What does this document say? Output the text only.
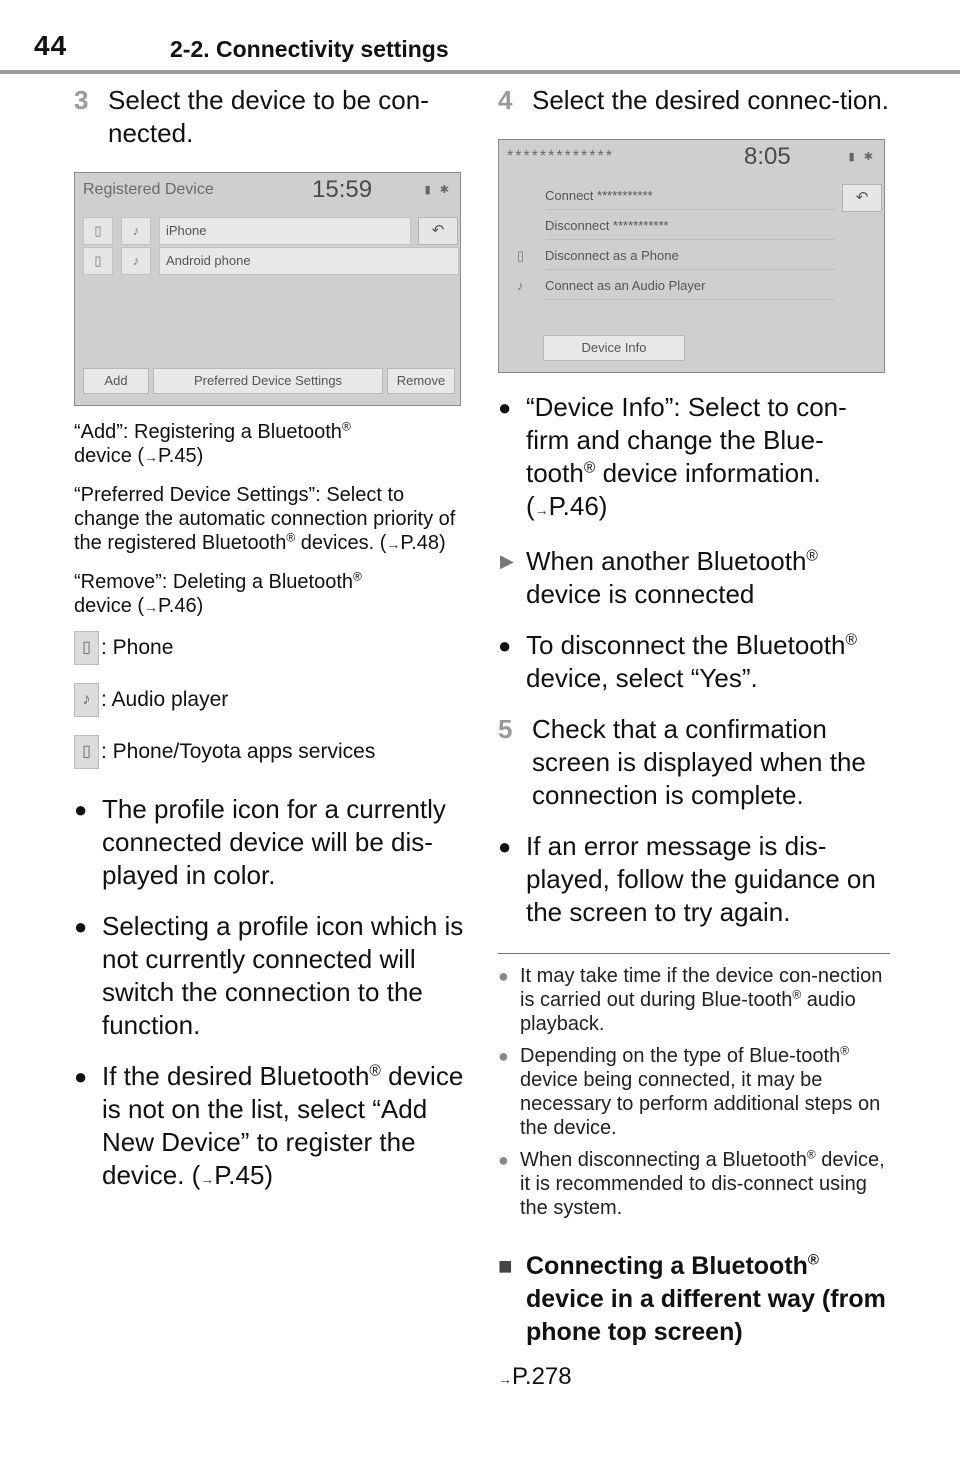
44	2-2. Connectivity settings
3 Select the device to be con-nected.
Registered Device	15:59	▮ ✱
▯	♪	iPhone	↶
▯	♪	Android phone
Add	Preferred Device Settings	Remove
“Add”: Registering a Bluetooth®
device (→P.45)
“Preferred Device Settings”: Select to change the automatic connection priority of the registered Bluetooth® devices. (→P.48)
“Remove”: Deleting a Bluetooth®
device (→P.46)
▯ : Phone
♪ : Audio player
▯ : Phone/Toyota apps services
● The profile icon for a currently connected device will be dis-played in color.
● Selecting a profile icon which is not currently connected will switch the connection to the function.
● If the desired Bluetooth® device is not on the list, select “Add New Device” to register the device. (→P.45)
4 Select the desired connec-tion.
*************	8:05	▮ ✱
↶
Connect ***********
Disconnect ***********
▯ Disconnect as a Phone
♪ Connect as an Audio Player
Device Info
● “Device Info”: Select to con-firm and change the Blue-tooth® device information. (→P.46)
▶ When another Bluetooth®
device is connected
● To disconnect the Bluetooth®
device, select “Yes”.
5 Check that a confirmation screen is displayed when the connection is complete.
● If an error message is dis-played, follow the guidance on the screen to try again.
● It may take time if the device con-nection is carried out during Blue-tooth® audio playback.
● Depending on the type of Blue-tooth® device being connected, it may be necessary to perform additional steps on the device.
● When disconnecting a Bluetooth® device, it is recommended to dis-connect using the system.
■ Connecting a Bluetooth®
device in a different way (from phone top screen)
→P.278
